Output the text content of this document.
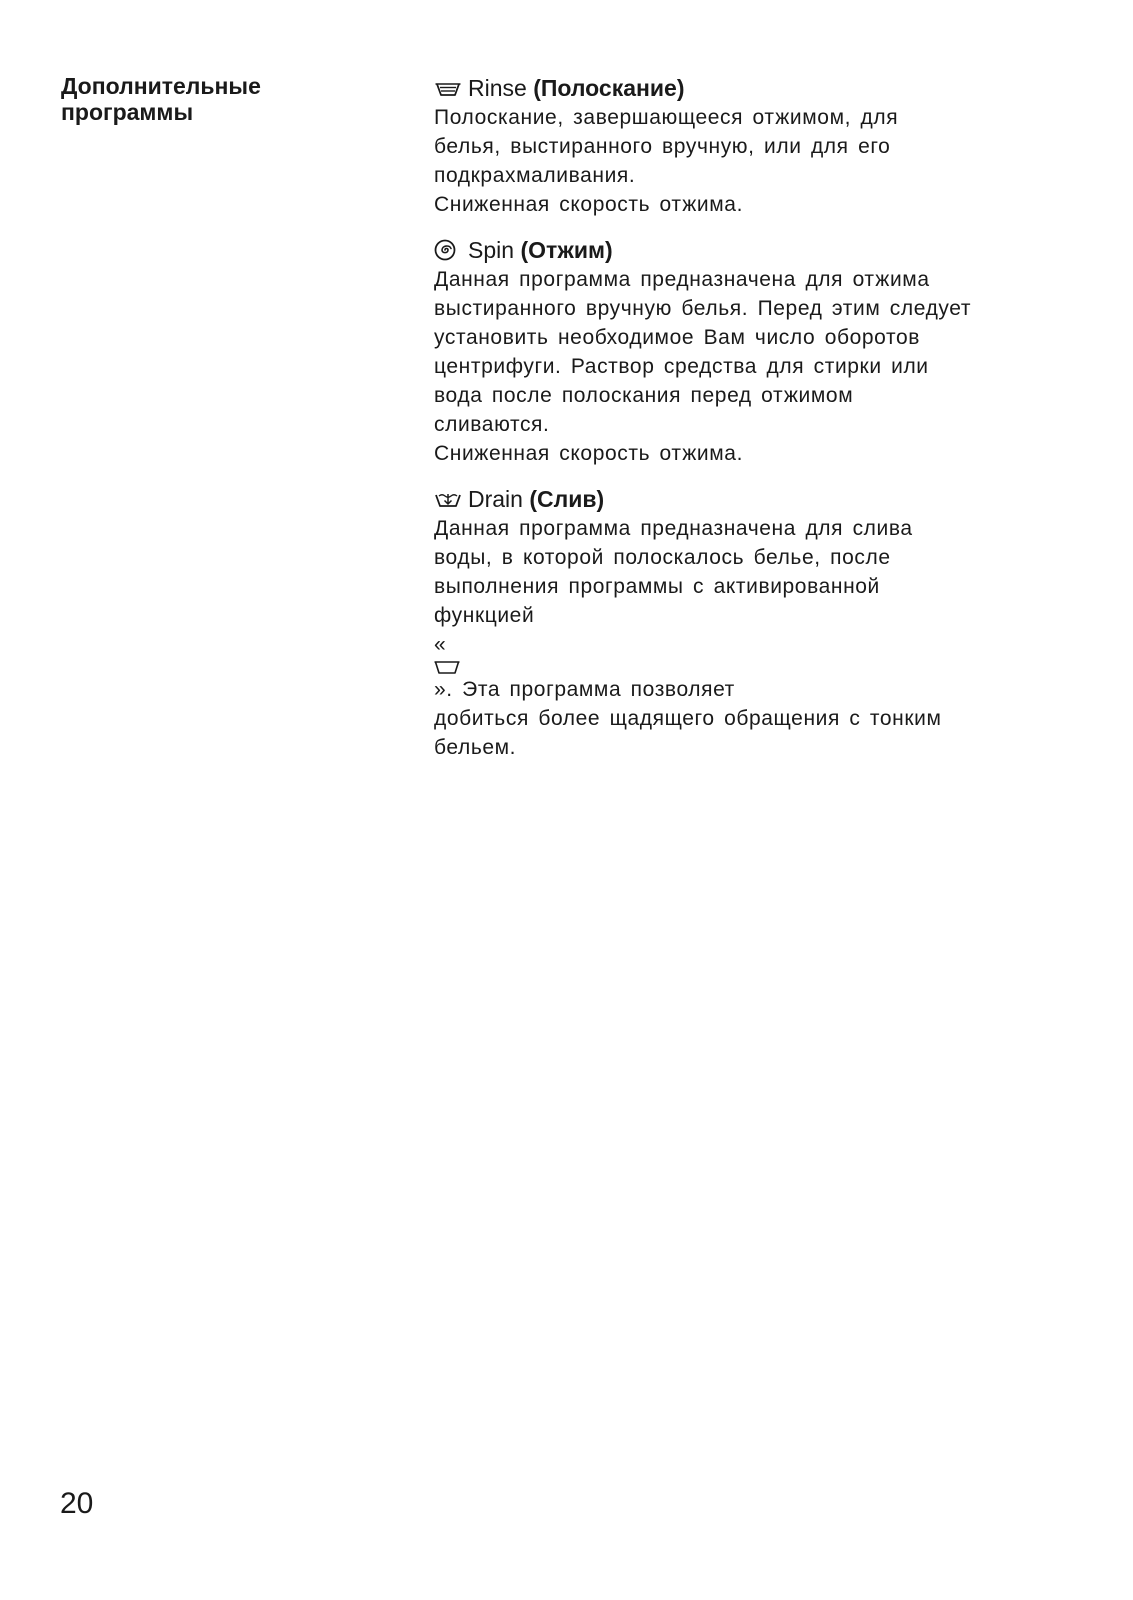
Дополнительные
программы
Rinse
(Полоскание)

Полоскание, завершающееся отжимом, для
белья, выстиранного вручную, или для его
подкрахмаливания.
Сниженная скорость отжима.

Spin
(Отжим)

Данная программа предназначена для отжима
выстиранного вручную белья. Перед этим следует
установить необходимое Вам число оборотов
центрифуги. Раствор средства для стирки или
вода после полоскания перед отжимом
сливаются.
Сниженная скорость отжима.

Drain
(Слив)

Данная программа предназначена для слива
воды, в которой полоскалось белье, после
выполнения программы с активированной
функцией
«
». Эта программа позволяет
добиться более щадящего обращения с тонким
бельем.

20
